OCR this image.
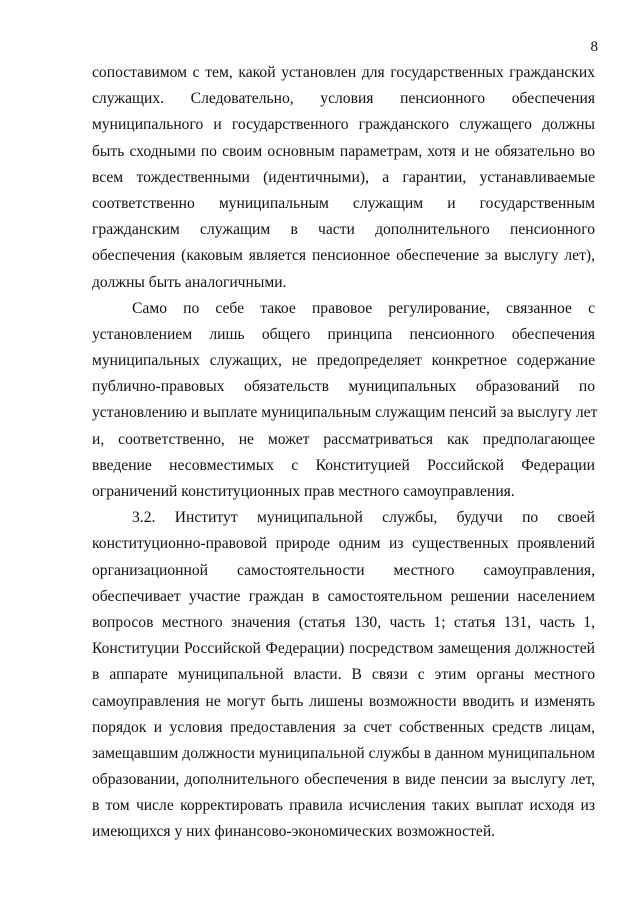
8
сопоставимом с тем, какой установлен для государственных гражданских
служащих. Следовательно, условия пенсионного обеспечения
муниципального и государственного гражданского служащего должны
быть сходными по своим основным параметрам, хотя и не обязательно во
всем тождественными (идентичными), а гарантии, устанавливаемые
соответственно муниципальным служащим и государственным
гражданским служащим в части дополнительного пенсионного
обеспечения (каковым является пенсионное обеспечение за выслугу лет),
должны быть аналогичными.
Само по себе такое правовое регулирование, связанное с
установлением лишь общего принципа пенсионного обеспечения
муниципальных служащих, не предопределяет конкретное содержание
публично-правовых обязательств муниципальных образований по
установлению и выплате муниципальным служащим пенсий за выслугу лет
и, соответственно, не может рассматриваться как предполагающее
введение несовместимых с Конституцией Российской Федерации
ограничений конституционных прав местного самоуправления.
3.2. Институт муниципальной службы, будучи по своей
конституционно-правовой природе одним из существенных проявлений
организационной самостоятельности местного самоуправления,
обеспечивает участие граждан в самостоятельном решении населением
вопросов местного значения (статья 130, часть 1; статья 131, часть 1,
Конституции Российской Федерации) посредством замещения должностей
в аппарате муниципальной власти. В связи с этим органы местного
самоуправления не могут быть лишены возможности вводить и изменять
порядок и условия предоставления за счет собственных средств лицам,
замещавшим должности муниципальной службы в данном муниципальном
образовании, дополнительного обеспечения в виде пенсии за выслугу лет,
в том числе корректировать правила исчисления таких выплат исходя из
имеющихся у них финансово-экономических возможностей.
